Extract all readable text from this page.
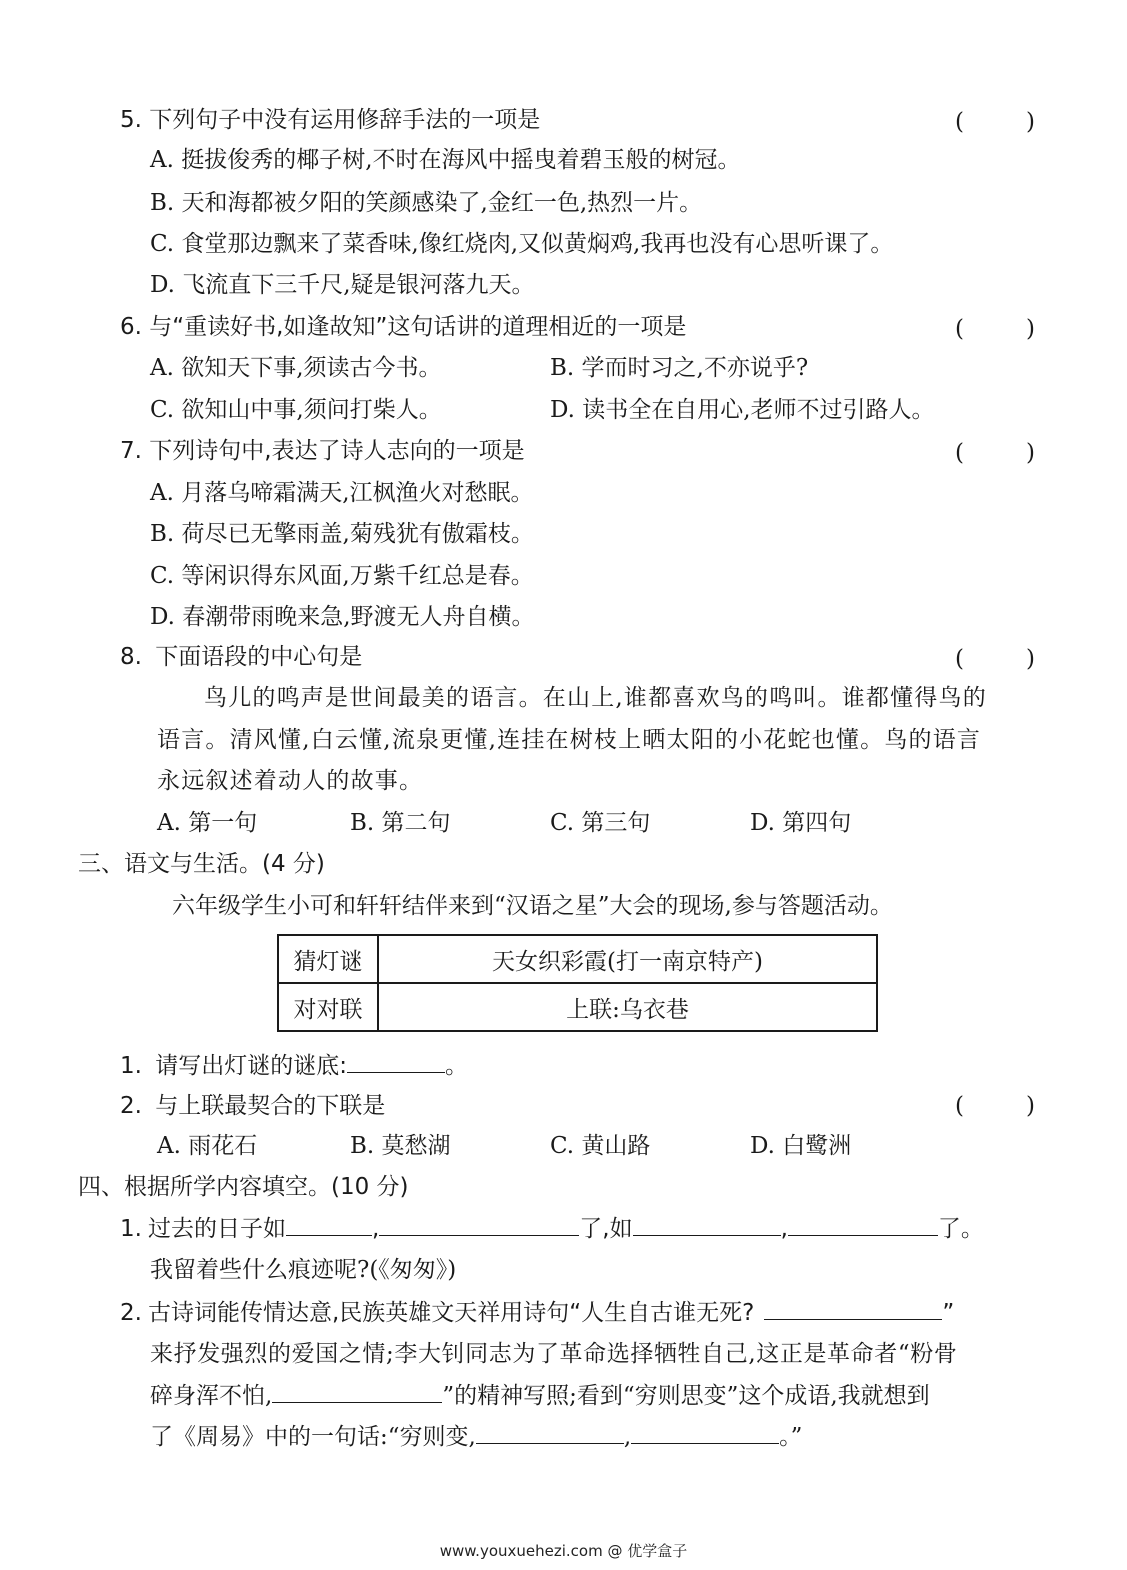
5. 下列句子中没有运用修辞手法的一项是	(	)
A. 挺拔俊秀的椰子树,不时在海风中摇曳着碧玉般的树冠。
B. 天和海都被夕阳的笑颜感染了,金红一色,热烈一片。
C. 食堂那边飘来了菜香味,像红烧肉,又似黄焖鸡,我再也没有心思听课了。
D. 飞流直下三千尺,疑是银河落九天。
6. 与“重读好书,如逢故知”这句话讲的道理相近的一项是	(	)
A. 欲知天下事,须读古今书。	B. 学而时习之,不亦说乎?
C. 欲知山中事,须问打柴人。	D. 读书全在自用心,老师不过引路人。
7. 下列诗句中,表达了诗人志向的一项是	(	)
A. 月落乌啼霜满天,江枫渔火对愁眠。
B. 荷尽已无擎雨盖,菊残犹有傲霜枝。
C. 等闲识得东风面,万紫千红总是春。
D. 春潮带雨晚来急,野渡无人舟自横。
8. 下面语段的中心句是	(	)
鸟儿的鸣声是世间最美的语言。在山上,谁都喜欢鸟的鸣叫。谁都懂得鸟的
语言。清风懂,白云懂,流泉更懂,连挂在树枝上晒太阳的小花蛇也懂。鸟的语言
永远叙述着动人的故事。
A. 第一句	B. 第二句	C. 第三句	D. 第四句
三、语文与生活。(4 分)
六年级学生小可和轩轩结伴来到“汉语之星”大会的现场,参与答题活动。
猜灯谜	天女织彩霞(打一南京特产)
对对联	上联:乌衣巷
1. 请写出灯谜的谜底:	。
2. 与上联最契合的下联是	(	)
A. 雨花石	B. 莫愁湖	C. 黄山路	D. 白鹭洲
四、根据所学内容填空。(10 分)
1. 过去的日子如	,	了,如	,	了。
我留着些什么痕迹呢?(《匆匆》)
2. 古诗词能传情达意,民族英雄文天祥用诗句“人生自古谁无死?	”
来抒发强烈的爱国之情;李大钊同志为了革命选择牺牲自己,这正是革命者“粉骨
碎身浑不怕,	”的精神写照;看到“穷则思变”这个成语,我就想到
了《周易》中的一句话:“穷则变,	,	。”
www.youxuehezi.com @ 优学盒子
